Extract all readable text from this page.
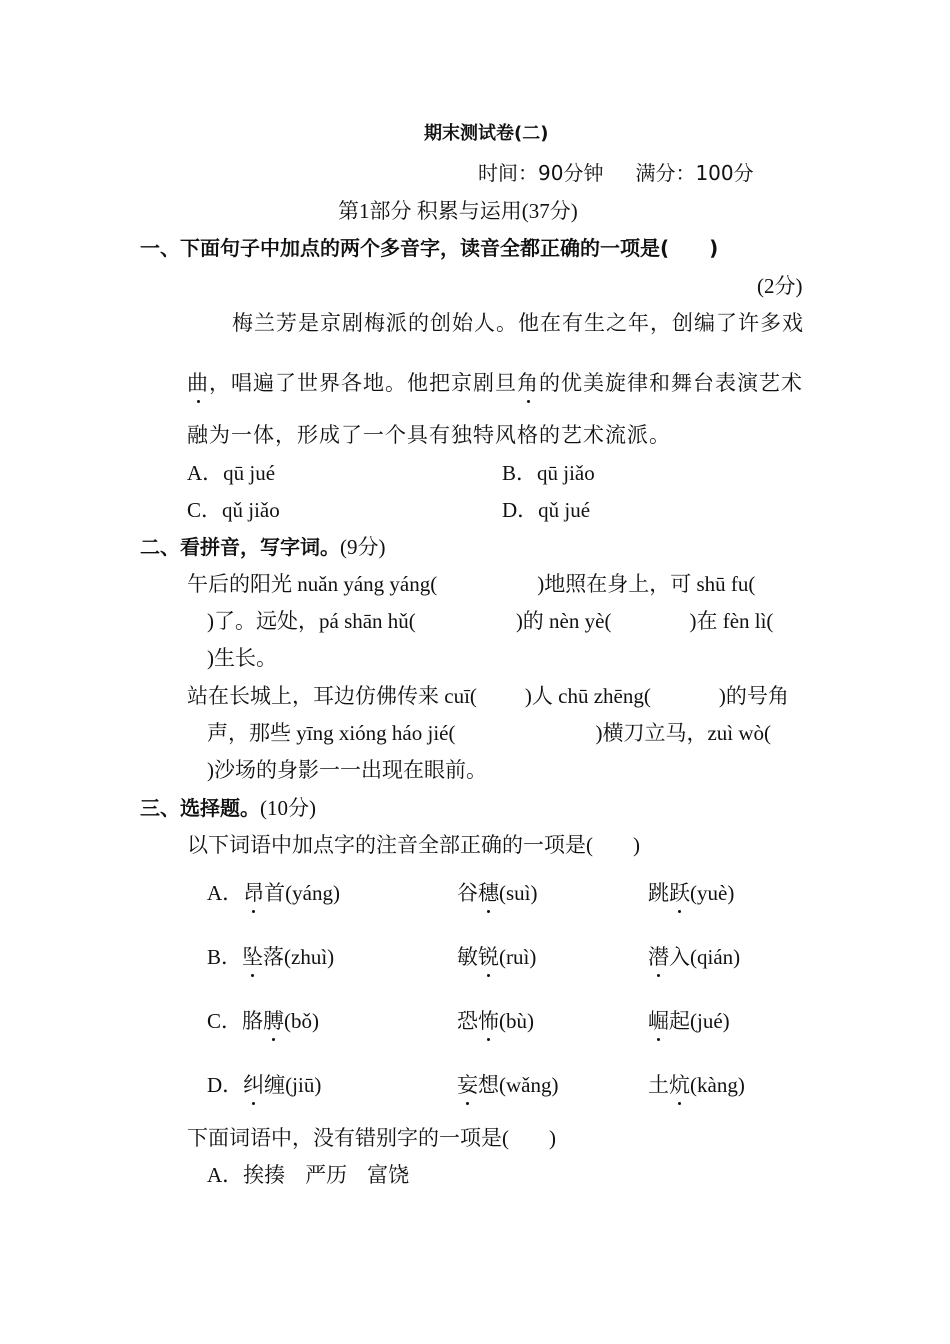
期末测试卷(二)
时间：90分钟 满分：100分
第1部分 积累与运用(37分)
一、下面句子中加点的两个多音字，读音全都正确的一项是( )
(2分)
梅兰芳是京剧梅派的创始人。他在有生之年，创编了许多戏
曲，唱遍了世界各地。他把京剧旦角的优美旋律和舞台表演艺术
融为一体，形成了一个具有独特风格的艺术流派。
A．qū jué	B．qū jiǎo
C．qǔ jiǎo	D．qǔ jué
二、看拼音，写字词。(9分)
午后的阳光 nuǎn yáng yáng(	)地照在身上，可 shū fu(
)了。远处，pá shān hǔ(	)的 nèn yè(	)在 fèn lì(
)生长。
站在长城上，耳边仿佛传来 cuī( )人 chū zhēng(	)的号角
声，那些 yīng xióng háo jié(	)横刀立马，zuì wò(
)沙场的身影一一出现在眼前。
三、选择题。(10分)
以下词语中加点字的注音全部正确的一项是( )
A．昂首(yáng)	谷穗(suì)	跳跃(yuè)
B．坠落(zhuì)	敏锐(ruì)	潜入(qián)
C．胳膊(bǒ)	恐怖(bù)	崛起(jué)
D．纠缠(jiū)	妄想(wǎng)	土炕(kàng)
下面词语中，没有错别字的一项是( )
A．挨揍 严历 富饶
